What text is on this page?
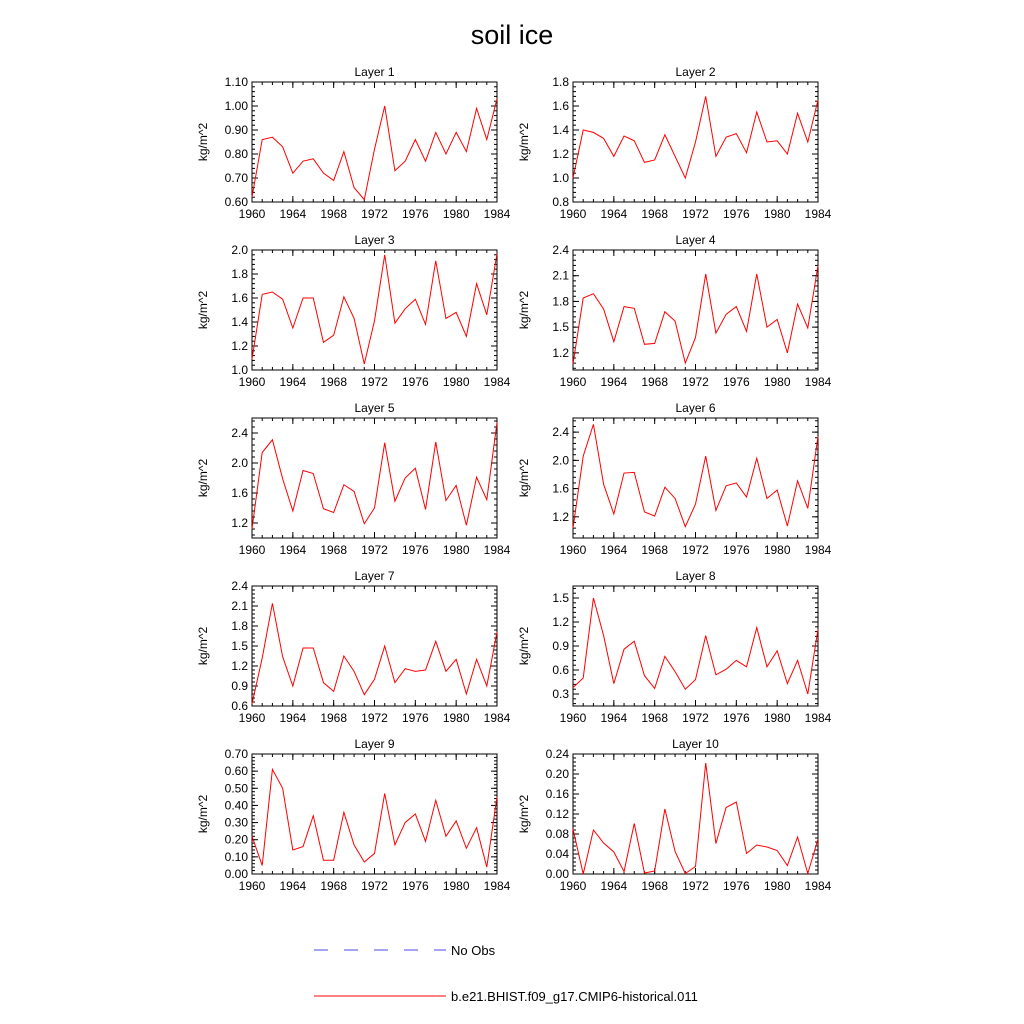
soil ice
Layer 1
1960 1964 1968 1972 1976 1980 1984
0.60
0.70
0.80
0.90
1.00
1.10
kg/m^2
Layer 2
1960 1964 1968 1972 1976 1980 1984
0.8
1.0
1.2
1.4
1.6
1.8
kg/m^2
Layer 3
1960 1964 1968 1972 1976 1980 1984
1.0
1.2
1.4
1.6
1.8
2.0
kg/m^2
Layer 4
1960 1964 1968 1972 1976 1980 1984
1.2
1.5
1.8
2.1
2.4
kg/m^2
Layer 5
1960 1964 1968 1972 1976 1980 1984
1.2
1.6
2.0
2.4
kg/m^2
Layer 6
1960 1964 1968 1972 1976 1980 1984
1.2
1.6
2.0
2.4
kg/m^2
Layer 7
1960 1964 1968 1972 1976 1980 1984
0.6
0.9
1.2
1.5
1.8
2.1
2.4
kg/m^2
Layer 8
1960 1964 1968 1972 1976 1980 1984
0.3
0.6
0.9
1.2
1.5
kg/m^2
Layer 9
1960 1964 1968 1972 1976 1980 1984
0.00
0.10
0.20
0.30
0.40
0.50
0.60
0.70
kg/m^2
Layer 10
1960 1964 1968 1972 1976 1980 1984
0.00
0.04
0.08
0.12
0.16
0.20
0.24
kg/m^2
No Obs
b.e21.BHIST.f09_g17.CMIP6-historical.011
